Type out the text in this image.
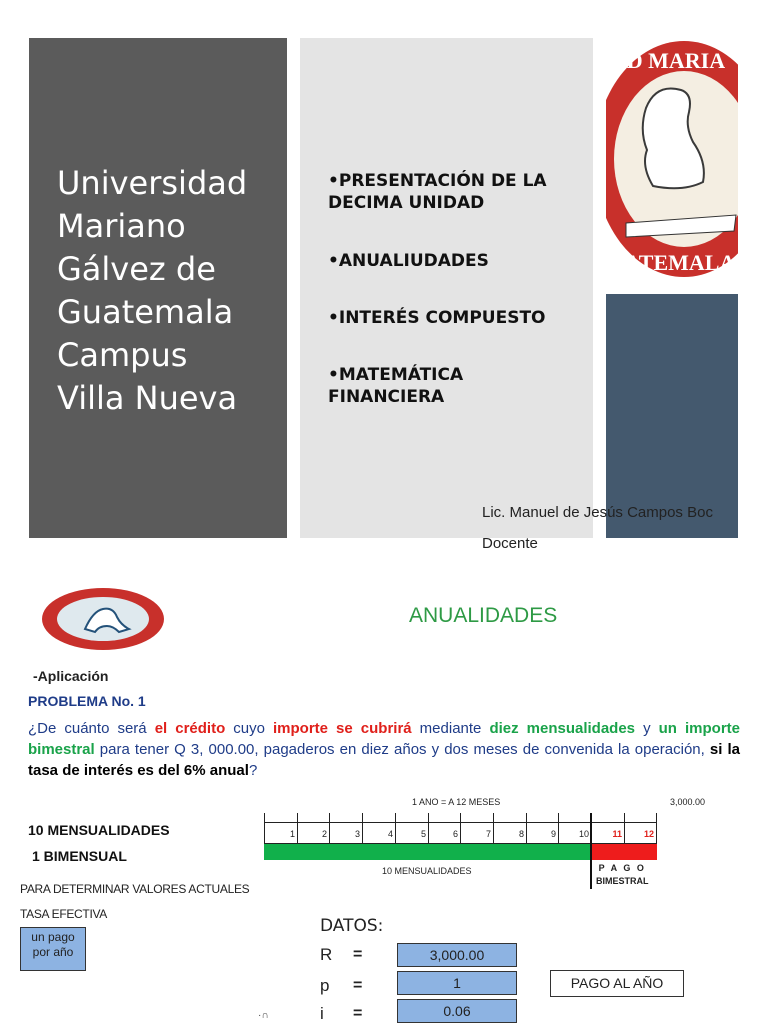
Universidad
Mariano
Gálvez de
Guatemala
Campus
Villa Nueva
•PRESENTACIÓN DE LA DECIMA UNIDAD
•ANUALIUDADES
•INTERÉS COMPUESTO
•MATEMÁTICA FINANCIERA
AD MARIA
UATEMALA
Lic. Manuel de Jesús Campos Boc
Docente
ANUALIDADES
-Aplicación
PROBLEMA No. 1
¿De cuánto será el crédito cuyo importe se cubrirá mediante diez mensualidades y un importe bimestral para tener Q 3, 000.00, pagaderos en diez años y dos meses de convenida la operación, si la tasa de interés es del 6% anual?
10 MENSUALIDADES
1 BIMENSUAL
PARA DETERMINAR VALORES ACTUALES
TASA EFECTIVA
un pago por año
1 ANO = A 12 MESES	3,000.00
1	2	3	4	5	6	7	8	9	10	11	12
10 MENSUALIDADES	P A G O
BIMESTRAL
DATOS:
R =	3,000.00
p =	1
i =	0.06
PAGO AL AÑO
·∩
